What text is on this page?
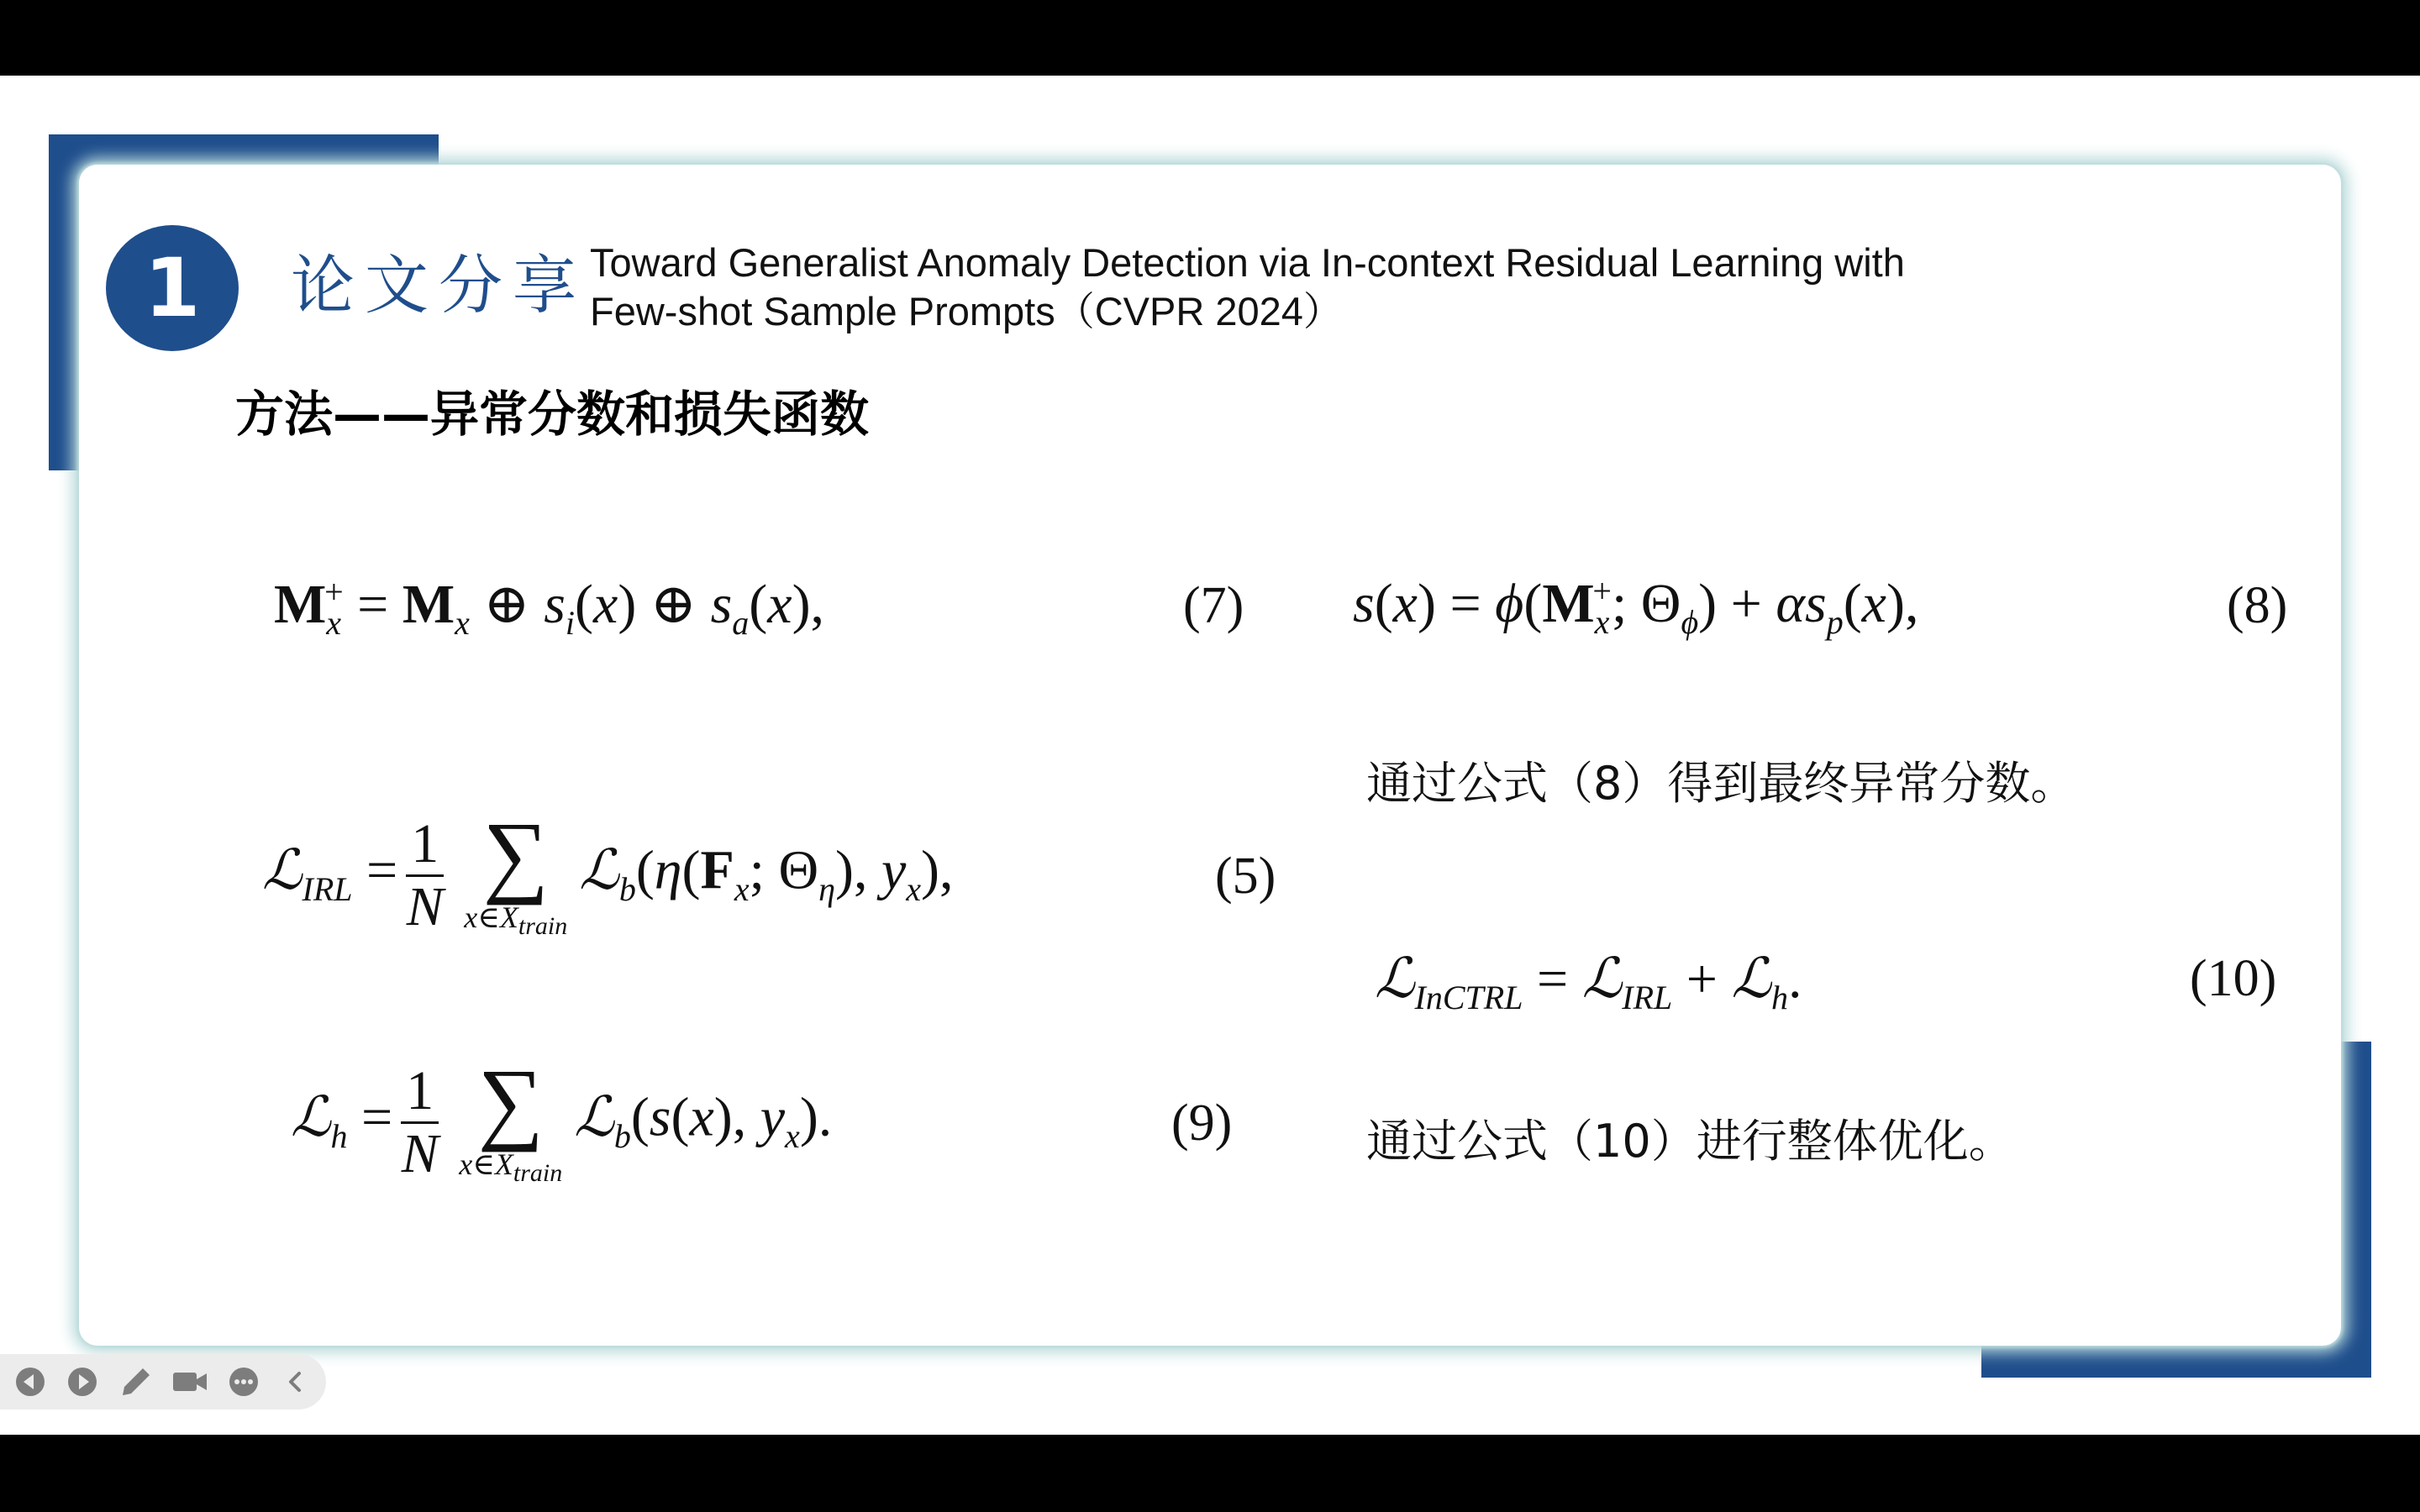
1	论文分享 Toward Generalist Anomaly Detection via In-context Residual Learning with
Few-shot Sample Prompts（CVPR 2024）
方法——异常分数和损失函数
$M_x^+ = M_x$ ⊕ $s_i(x)$ ⊕ $s_a(x)$,	(7) $s(x) = \phi(M_x^+$; $\Theta_\phi) + \alpha s_p(x)$,	(8)
ℒ$_{IRL}$ = $\frac{1}{N}$ ∑
$x\in X_{train}$
$ℒ_b(\eta(F_x$; $\Theta_\eta$), $y_x$),	(5)
ℒ$_h$ = $\frac{1}{N}$ ∑
$x\in X_{train}$
ℒ$_b$(s(x), $y_x$).	(9)
ℒ$_{InCTRL}$ = ℒ$_{IRL}$ + ℒ$_h$.	(10)
通过公式（8）得到最终异常分数。
通过公式（10）进行整体优化。
